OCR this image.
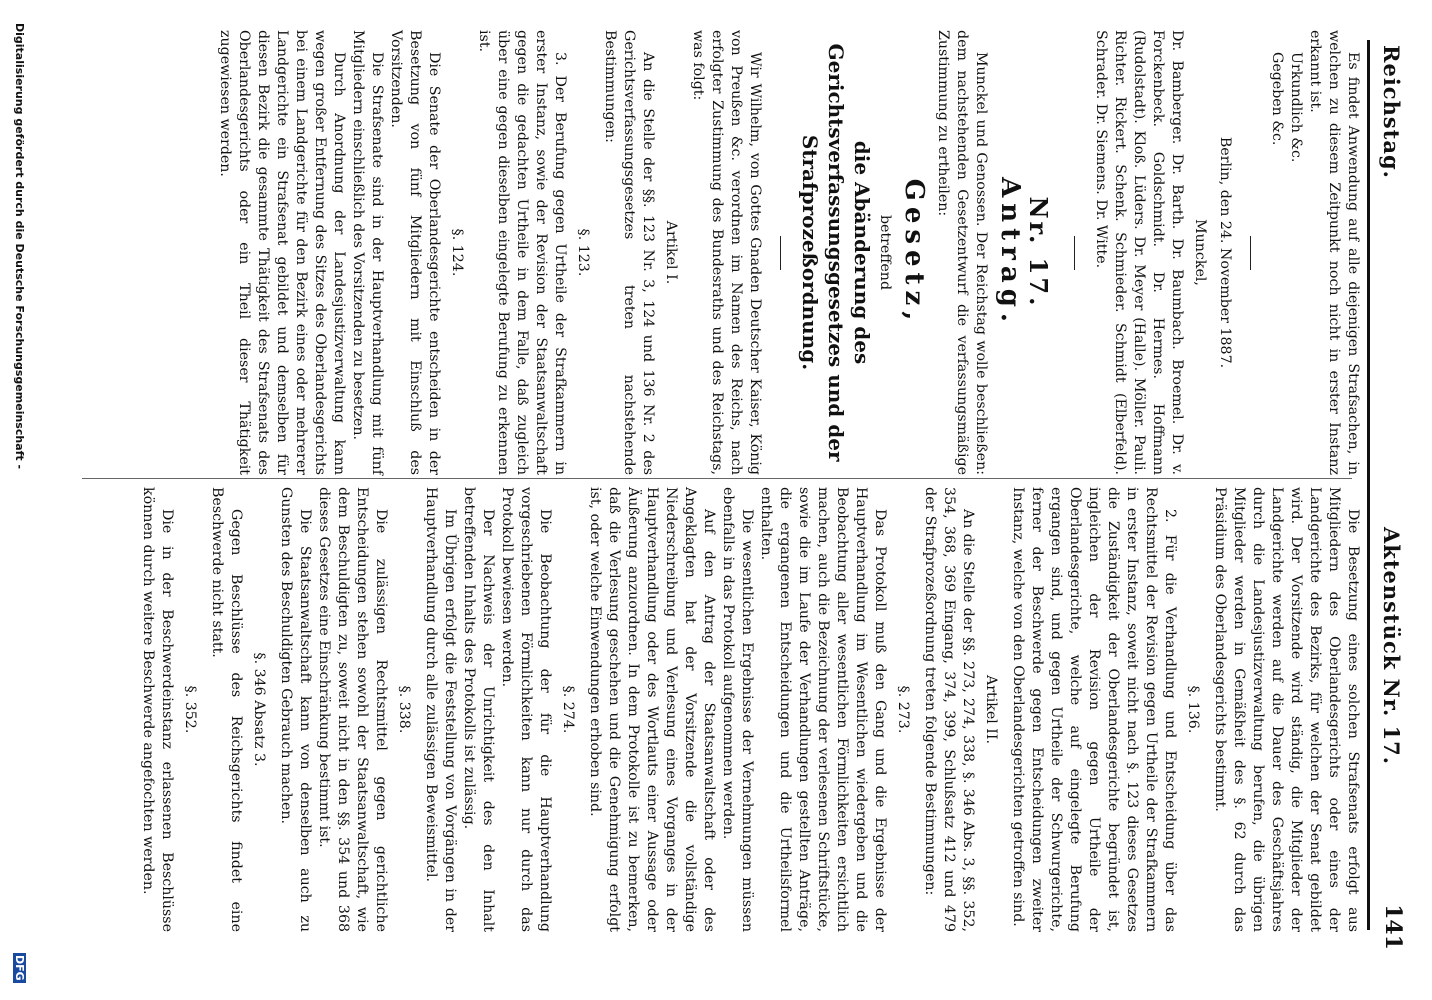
Reichstag.
Aktenstück Nr. 17.
141

Es findet Anwendung auf alle diejenigen Strafsachen, in welchen zu diesem Zeitpunkt noch nicht in erster Instanz erkannt ist.

Urkundlich &c.

Gegeben &c.

Berlin, den 24. November 1887.

Munckel,

Dr. Bamberger. Dr. Barth. Dr. Baumbach. Broemel. Dr. v. Forckenbeck. Goldschmidt. Dr. Hermes. Hoffmann (Rudolstadt). Kloß. Lüders. Dr. Meyer (Halle). Möller. Pauli. Richter. Rickert. Schenk. Schmieder. Schmidt (Elberfeld). Schrader. Dr. Siemens. Dr. Witte.

Nr. 17.

Antrag.

Munckel und Genossen. Der Reichstag wolle beschließen: dem nachstehenden Gesetzentwurf die verfassungsmäßige Zustimmung zu ertheilen:

Gesetz,

betreffend

die Abänderung des Gerichtsverfassungsgesetzes und der Strafprozeßordnung.

Wir Wilhelm, von Gottes Gnaden Deutscher Kaiser, König von Preußen &c. verordnen im Namen des Reichs, nach erfolgter Zustimmung des Bundesraths und des Reichstags, was folgt:

Artikel I.

An die Stelle der §§. 123 Nr. 3, 124 und 136 Nr. 2 des Gerichtsverfassungsgesetzes treten nachstehende Bestimmungen:

§. 123.

3. Der Berufung gegen Urtheile der Strafkammern in erster Instanz, sowie der Revision der Staatsanwaltschaft gegen die gedachten Urtheile in dem Falle, daß zugleich über eine gegen dieselben eingelegte Berufung zu erkennen ist.

§. 124.

Die Senate der Oberlandesgerichte entscheiden in der Besetzung von fünf Mitgliedern mit Einschluß des Vorsitzenden.

Die Strafsenate sind in der Hauptverhandlung mit fünf Mitgliedern einschließlich des Vorsitzenden zu besetzen.

Durch Anordnung der Landesjustizverwaltung kann wegen großer Entfernung des Sitzes des Oberlandesgerichts bei einem Landgerichte für den Bezirk eines oder mehrerer Landgerichte ein Strafsenat gebildet und demselben für diesen Bezirk die gesammte Thätigkeit des Strafsenats des Oberlandesgerichts oder ein Theil dieser Thätigkeit zugewiesen werden.

Die Besetzung eines solchen Strafsenats erfolgt aus Mitgliedern des Oberlandesgerichts oder eines der Landgerichte des Bezirks, für welchen der Senat gebildet wird. Der Vorsitzende wird ständig, die Mitglieder der Landgerichte werden auf die Dauer des Geschäftsjahres durch die Landesjustizverwaltung berufen, die übrigen Mitglieder werden in Gemäßheit des §. 62 durch das Präsidium des Oberlandesgerichts bestimmt.

§. 136.

2. Für die Verhandlung und Entscheidung über das Rechtsmittel der Revision gegen Urtheile der Strafkammern in erster Instanz, soweit nicht nach §. 123 dieses Gesetzes die Zuständigkeit der Oberlandesgerichte begründet ist, ingleichen der Revision gegen Urtheile der Oberlandesgerichte, welche auf eingelegte Berufung ergangen sind, und gegen Urtheile der Schwurgerichte, ferner der Beschwerde gegen Entscheidungen zweiter Instanz, welche von den Oberlandesgerichten getroffen sind.

Artikel II.

An die Stelle der §§. 273, 274, 338, §. 346 Abs. 3, §§. 352, 354, 368, 369 Eingang, 374, 399, Schlußsatz 412 und 479 der Strafprozeßordnung treten folgende Bestimmungen:

§. 273.

Das Protokoll muß den Gang und die Ergebnisse der Hauptverhandlung im Wesentlichen wiedergeben und die Beobachtung aller wesentlichen Förmlichkeiten ersichtlich machen, auch die Bezeichnung der verlesenen Schriftstücke, sowie die im Laufe der Verhandlungen gestellten Anträge, die ergangenen Entscheidungen und die Urtheilsformel enthalten.

Die wesentlichen Ergebnisse der Vernehmungen müssen ebenfalls in das Protokoll aufgenommen werden.

Auf den Antrag der Staatsanwaltschaft oder des Angeklagten hat der Vorsitzende die vollständige Niederschreibung und Verlesung eines Vorganges in der Hauptverhandlung oder des Wortlauts einer Aussage oder Äußerung anzuordnen. In dem Protokolle ist zu bemerken, daß die Verlesung geschehen und die Genehmigung erfolgt ist, oder welche Einwendungen erhoben sind.

§. 274.

Die Beobachtung der für die Hauptverhandlung vorgeschriebenen Förmlichkeiten kann nur durch das Protokoll bewiesen werden.

Der Nachweis der Unrichtigkeit des den Inhalt betreffenden Inhalts des Protokolls ist zulässig.

Im Übrigen erfolgt die Feststellung von Vorgängen in der Hauptverhandlung durch alle zulässigen Beweismittel.

§. 338.

Die zulässigen Rechtsmittel gegen gerichtliche Entscheidungen stehen sowohl der Staatsanwaltschaft, wie dem Beschuldigten zu, soweit nicht in den §§. 354 und 368 dieses Gesetzes eine Einschränkung bestimmt ist.

Die Staatsanwaltschaft kann von denselben auch zu Gunsten des Beschuldigten Gebrauch machen.

§. 346 Absatz 3.

Gegen Beschlüsse des Reichsgerichts findet eine Beschwerde nicht statt.

§. 352.

Die in der Beschwerdeinstanz erlassenen Beschlüsse können durch weitere Beschwerde angefochten werden.

Digitalisierung gefördert durch die Deutsche Forschungsgemeinschaft -
DFG
